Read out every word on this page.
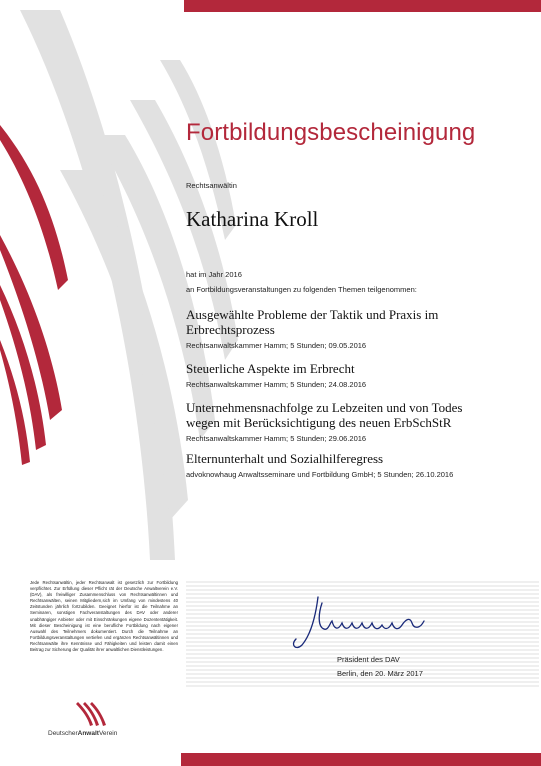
Fortbildungsbescheinigung
Rechtsanwältin
Katharina Kroll
hat im Jahr 2016
an Fortbildungsveranstaltungen zu folgenden Themen teilgenommen:
Ausgewählte Probleme der Taktik und Praxis im Erbrechtsprozess
Rechtsanwaltskammer Hamm; 5 Stunden; 09.05.2016
Steuerliche Aspekte im Erbrecht
Rechtsanwaltskammer Hamm; 5 Stunden; 24.08.2016
Unternehmensnachfolge zu Lebzeiten und von Todes wegen mit Berücksichtigung des neuen ErbSchStR
Rechtsanwaltskammer Hamm; 5 Stunden; 29.06.2016
Elternunterhalt und Sozialhilferegress
advoknowhaug Anwaltsseminare und Fortbildung GmbH; 5 Stunden; 26.10.2016
Präsident des DAV
Berlin, den 20. März 2017
Jede Rechtsanwältin, jeder Rechtsanwalt ist gesetzlich zur Fortbildung verpflichtet. Zur Erfüllung dieser Pflicht rät der Deutsche Anwaltverein e.V. (DAV), als freiwilliger Zusammenschluss von Rechtsanwältinnen und Rechtsanwälten, seinen Mitgliedern,sich im Umfang von mindestens 40 Zeitstunden jährlich fortzubilden. Geeignet hierfür ist die Teilnahme an Seminaren, sonstigen Fachveranstaltungen des DAV oder anderer unabhängiger Anbieter oder mit Einschränkungen eigene Dozententätigkeit. Mit dieser Bescheinigung ist eine berufliche Fortbildung nach eigener Auswahl des Teilnehmers dokumentiert. Durch die Teilnahme an Fortbildungsveranstaltungen vertiefen und ergänzen Rechtsanwältinnen und Rechtsanwälte ihre Kenntnisse und Fähigkeiten und leisten damit einen Beitrag zur Sicherung der Qualität ihrer anwaltlichen Dienstleistungen.
DeutscherAnwaltVerein
